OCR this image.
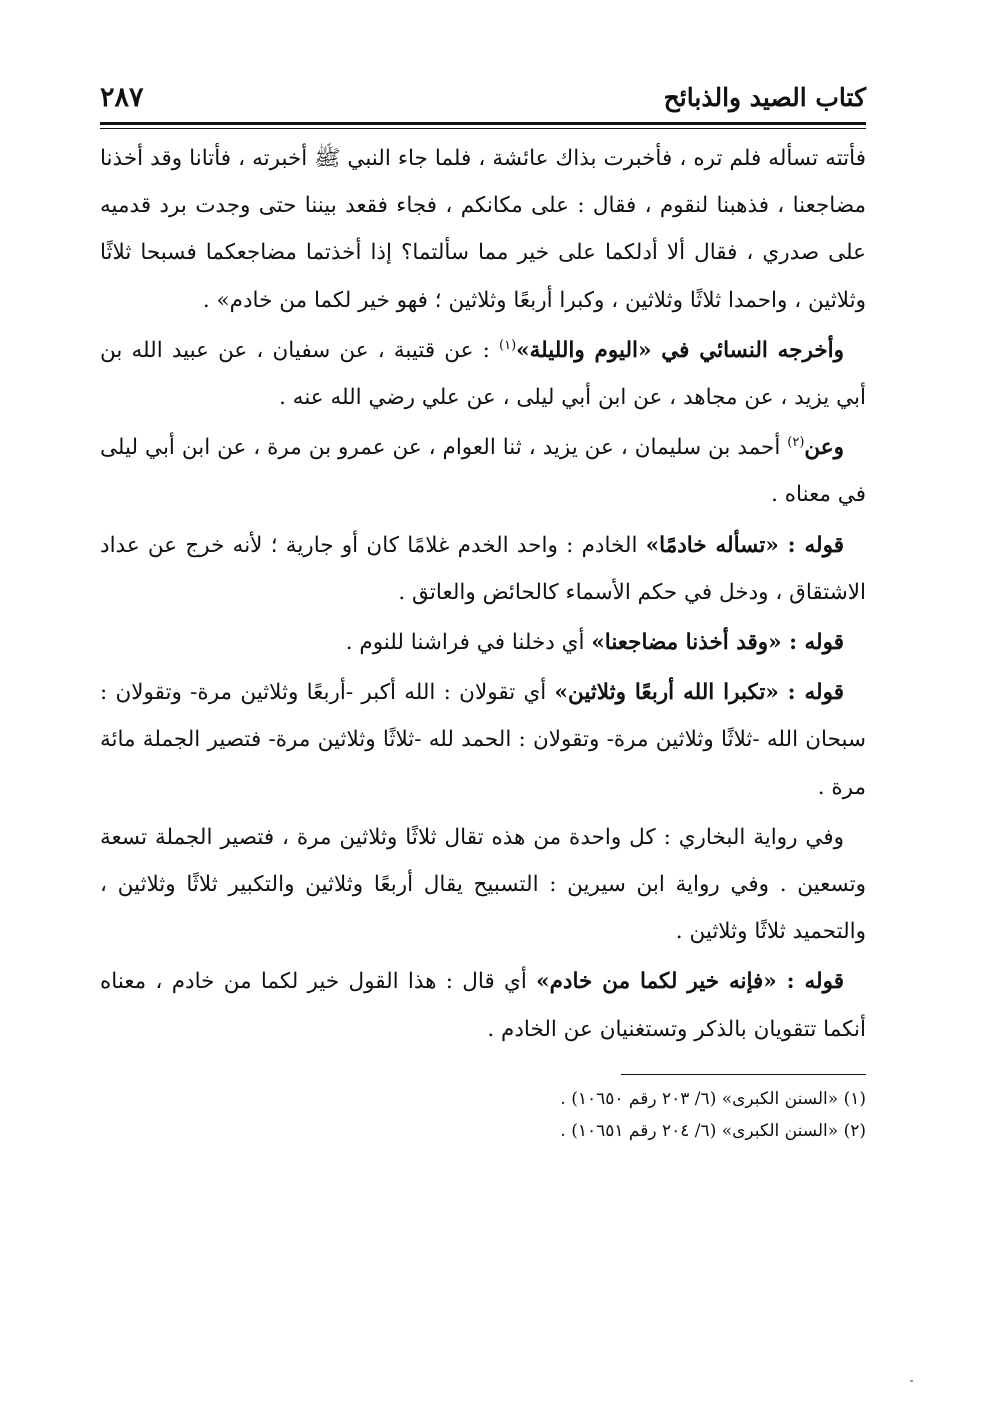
كتاب الصيد والذبائح
٢٨٧

فأتته تسأله فلم تره ، فأخبرت بذاك عائشة ، فلما جاء النبي ﷺ أخبرته ، فأتانا وقد أخذنا مضاجعنا ، فذهبنا لنقوم ، فقال : على مكانكم ، فجاء فقعد بيننا حتى وجدت برد قدميه على صدري ، فقال ألا أدلكما على خير مما سألتما؟ إذا أخذتما مضاجعكما فسبحا ثلاثًا وثلاثين ، واحمدا ثلاثًا وثلاثين ، وكبرا أربعًا وثلاثين ؛ فهو خير لكما من خادم» .

وأخرجه النسائي في «اليوم والليلة»$^{(١)}$ : عن قتيبة ، عن سفيان ، عن عبيد الله بن أبي يزيد ، عن مجاهد ، عن ابن أبي ليلى ، عن علي رضي الله عنه .

وعن$^{(٢)}$ أحمد بن سليمان ، عن يزيد ، ثنا العوام ، عن عمرو بن مرة ، عن ابن أبي ليلى في معناه .

قوله : «تسأله خادمًا» الخادم : واحد الخدم غلامًا كان أو جارية ؛ لأنه خرج عن عداد الاشتقاق ، ودخل في حكم الأسماء كالحائض والعاتق .

قوله : «وقد أخذنا مضاجعنا» أي دخلنا في فراشنا للنوم .

قوله : «تكبرا الله أربعًا وثلاثين» أي تقولان : الله أكبر -أربعًا وثلاثين مرة- وتقولان : سبحان الله -ثلاثًا وثلاثين مرة- وتقولان : الحمد لله -ثلاثًا وثلاثين مرة- فتصير الجملة مائة مرة .

وفي رواية البخاري : كل واحدة من هذه تقال ثلاثًا وثلاثين مرة ، فتصير الجملة تسعة وتسعين . وفي رواية ابن سيرين : التسبيح يقال أربعًا وثلاثين والتكبير ثلاثًا وثلاثين ، والتحميد ثلاثًا وثلاثين .

قوله : «فإنه خير لكما من خادم» أي قال : هذا القول خير لكما من خادم ، معناه أنكما تتقويان بالذكر وتستغنيان عن الخادم .

(١) «السنن الكبرى» (٦/ ٢٠٣ رقم ١٠٦٥٠) .

(٢) «السنن الكبرى» (٦/ ٢٠٤ رقم ١٠٦٥١) .
